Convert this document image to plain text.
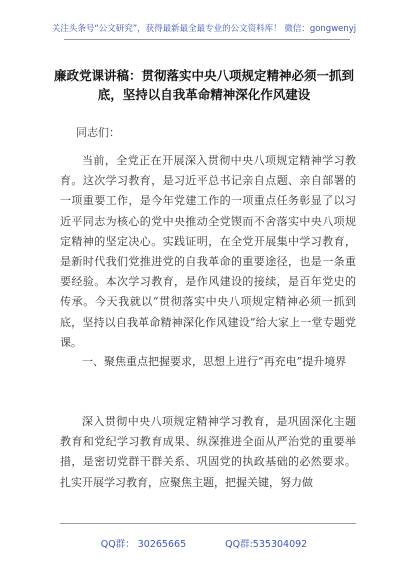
关注头条号“公文研究”，获得最新最全最专业的公文资料库！ 微信：gongwenyj
廉政党课讲稿：贯彻落实中央八项规定精神必须一抓到底，坚持以自我革命精神深化作风建设
同志们：
当前，全党正在开展深入贯彻中央八项规定精神学习教育。这次学习教育，是习近平总书记亲自点题、亲自部署的一项重要工作，是今年党建工作的一项重点任务彰显了以习近平同志为核心的党中央推动全党锲而不舍落实中央八项规定精神的坚定决心。实践证明，在全党开展集中学习教育，是新时代我们党推进党的自我革命的重要途径，也是一条重要经验。本次学习教育，是作风建设的接续，是百年党史的传承。今天我就以“贯彻落实中央八项规定精神必须一抓到底，坚持以自我革命精神深化作风建设”给大家上一堂专题党课。
一、聚焦重点把握要求，思想上进行“再充电”提升境界
深入贯彻中央八项规定精神学习教育，是巩固深化主题教育和党纪学习教育成果、纵深推进全面从严治党的重要举措，是密切党群干群关系、巩固党的执政基础的必然要求。扎实开展学习教育，应聚焦主题，把握关键，努力做
QQ群： 30265665	QQ群:535304092
